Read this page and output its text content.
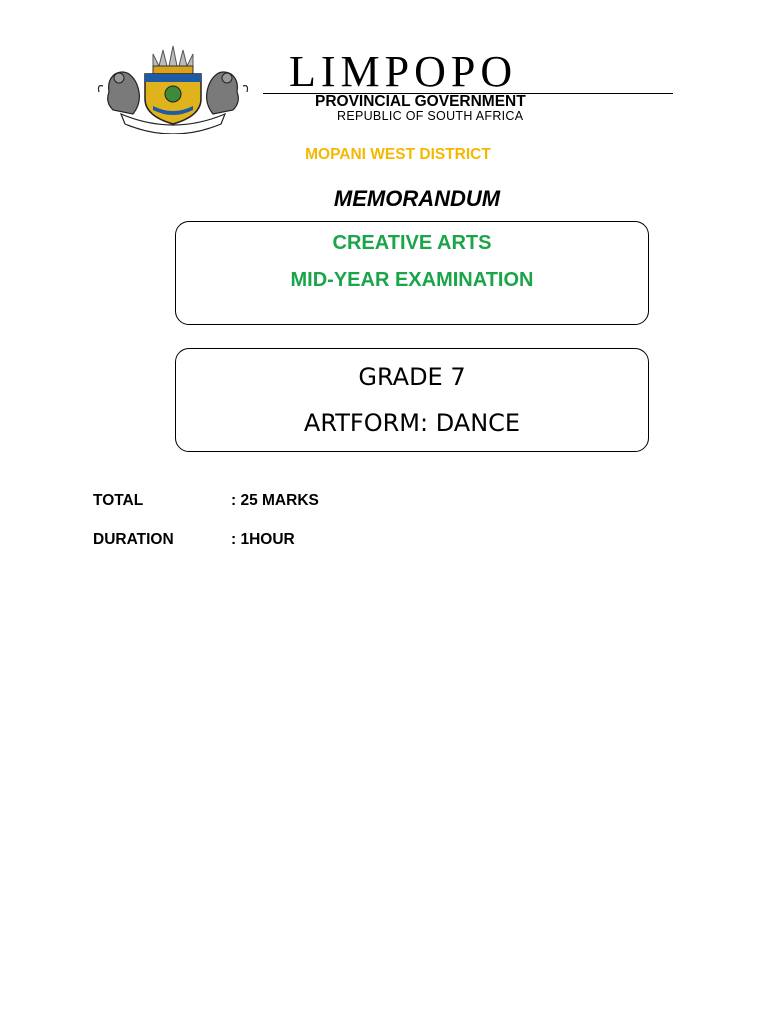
LIMPOPO
PROVINCIAL GOVERNMENT
REPUBLIC OF SOUTH AFRICA
MOPANI WEST DISTRICT
MEMORANDUM
CREATIVE ARTS
MID-YEAR EXAMINATION
GRADE 7
ARTFORM: DANCE
TOTAL	: 25 MARKS
DURATION	: 1HOUR
